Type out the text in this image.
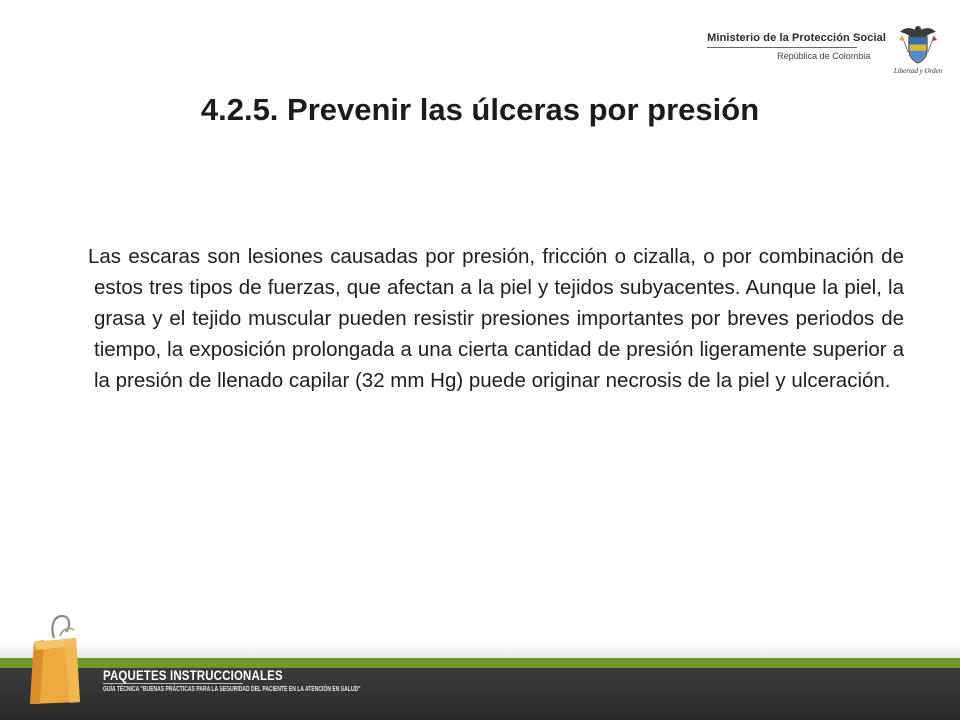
Ministerio de la Protección Social
República de Colombia
Libertad y Orden
4.2.5. Prevenir las úlceras por presión

Las escaras son lesiones causadas por presión, fricción o cizalla, o por combinación de estos tres tipos de fuerzas, que afectan a la piel y tejidos subyacentes. Aunque la piel, la grasa y el tejido muscular pueden resistir presiones importantes por breves periodos de tiempo, la exposición prolongada a una cierta cantidad de presión ligeramente superior a la presión de llenado capilar (32 mm Hg) puede originar necrosis de la piel y ulceración.

PAQUETES INSTRUCCIONALES
GUÍA TÉCNICA "BUENAS PRÁCTICAS PARA LA SEGURIDAD DEL PACIENTE EN LA ATENCIÓN EN SALUD"
